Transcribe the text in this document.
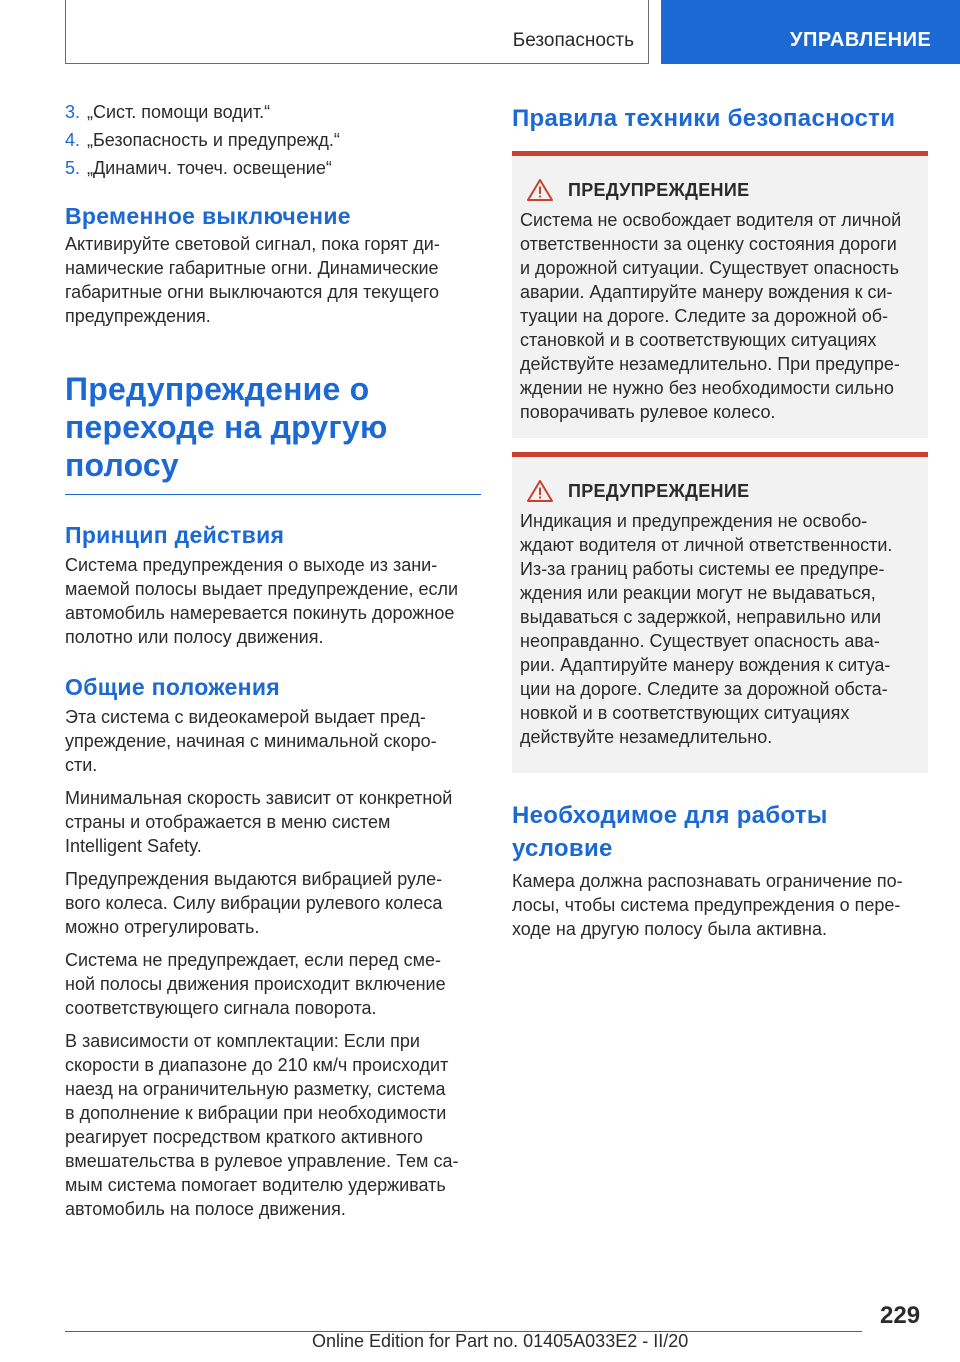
Безопасность	УПРАВЛЕНИЕ
3. „Сист. помощи водит.“
4. „Безопасность и предупрежд.“
5. „Динамич. точеч. освещение“
Временное выключение

Активируйте световой сигнал, пока горят ди-
намические габаритные огни. Динамические
габаритные огни выключаются для текущего
предупреждения.

Предупреждение о
переходе на другую
полосу
Принцип действия

Система предупреждения о выходе из зани-
маемой полосы выдает предупреждение, если
автомобиль намеревается покинуть дорожное
полотно или полосу движения.

Общие положения

Эта система с видеокамерой выдает пред-
упреждение, начиная с минимальной скоро-
сти.

Минимальная скорость зависит от конкретной
страны и отображается в меню систем
Intelligent Safety.

Предупреждения выдаются вибрацией руле-
вого колеса. Силу вибрации рулевого колеса
можно отрегулировать.

Система не предупреждает, если перед сме-
ной полосы движения происходит включение
соответствующего сигнала поворота.

В зависимости от комплектации: Если при
скорости в диапазоне до 210 км/ч происходит
наезд на ограничительную разметку, система
в дополнение к вибрации при необходимости
реагирует посредством краткого активного
вмешательства в рулевое управление. Тем са-
мым система помогает водителю удерживать
автомобиль на полосе движения.

Правила техники безопасности
ПРЕДУПРЕЖДЕНИЕ

Система не освобождает водителя от личной
ответственности за оценку состояния дороги
и дорожной ситуации. Существует опасность
аварии. Адаптируйте манеру вождения к си-
туации на дороге. Следите за дорожной об-
становкой и в соответствующих ситуациях
действуйте незамедлительно. При предупре-
ждении не нужно без необходимости сильно
поворачивать рулевое колесо.

ПРЕДУПРЕЖДЕНИЕ

Индикация и предупреждения не освобо-
ждают водителя от личной ответственности.
Из-за границ работы системы ее предупре-
ждения или реакции могут не выдаваться,
выдаваться с задержкой, неправильно или
неоправданно. Существует опасность ава-
рии. Адаптируйте манеру вождения к ситуа-
ции на дороге. Следите за дорожной обста-
новкой и в соответствующих ситуациях
действуйте незамедлительно.

Необходимое для работы
условие

Камера должна распознавать ограничение по-
лосы, чтобы система предупреждения о пере-
ходе на другую полосу была активна.

229
Online Edition for Part no. 01405A033E2 - II/20
